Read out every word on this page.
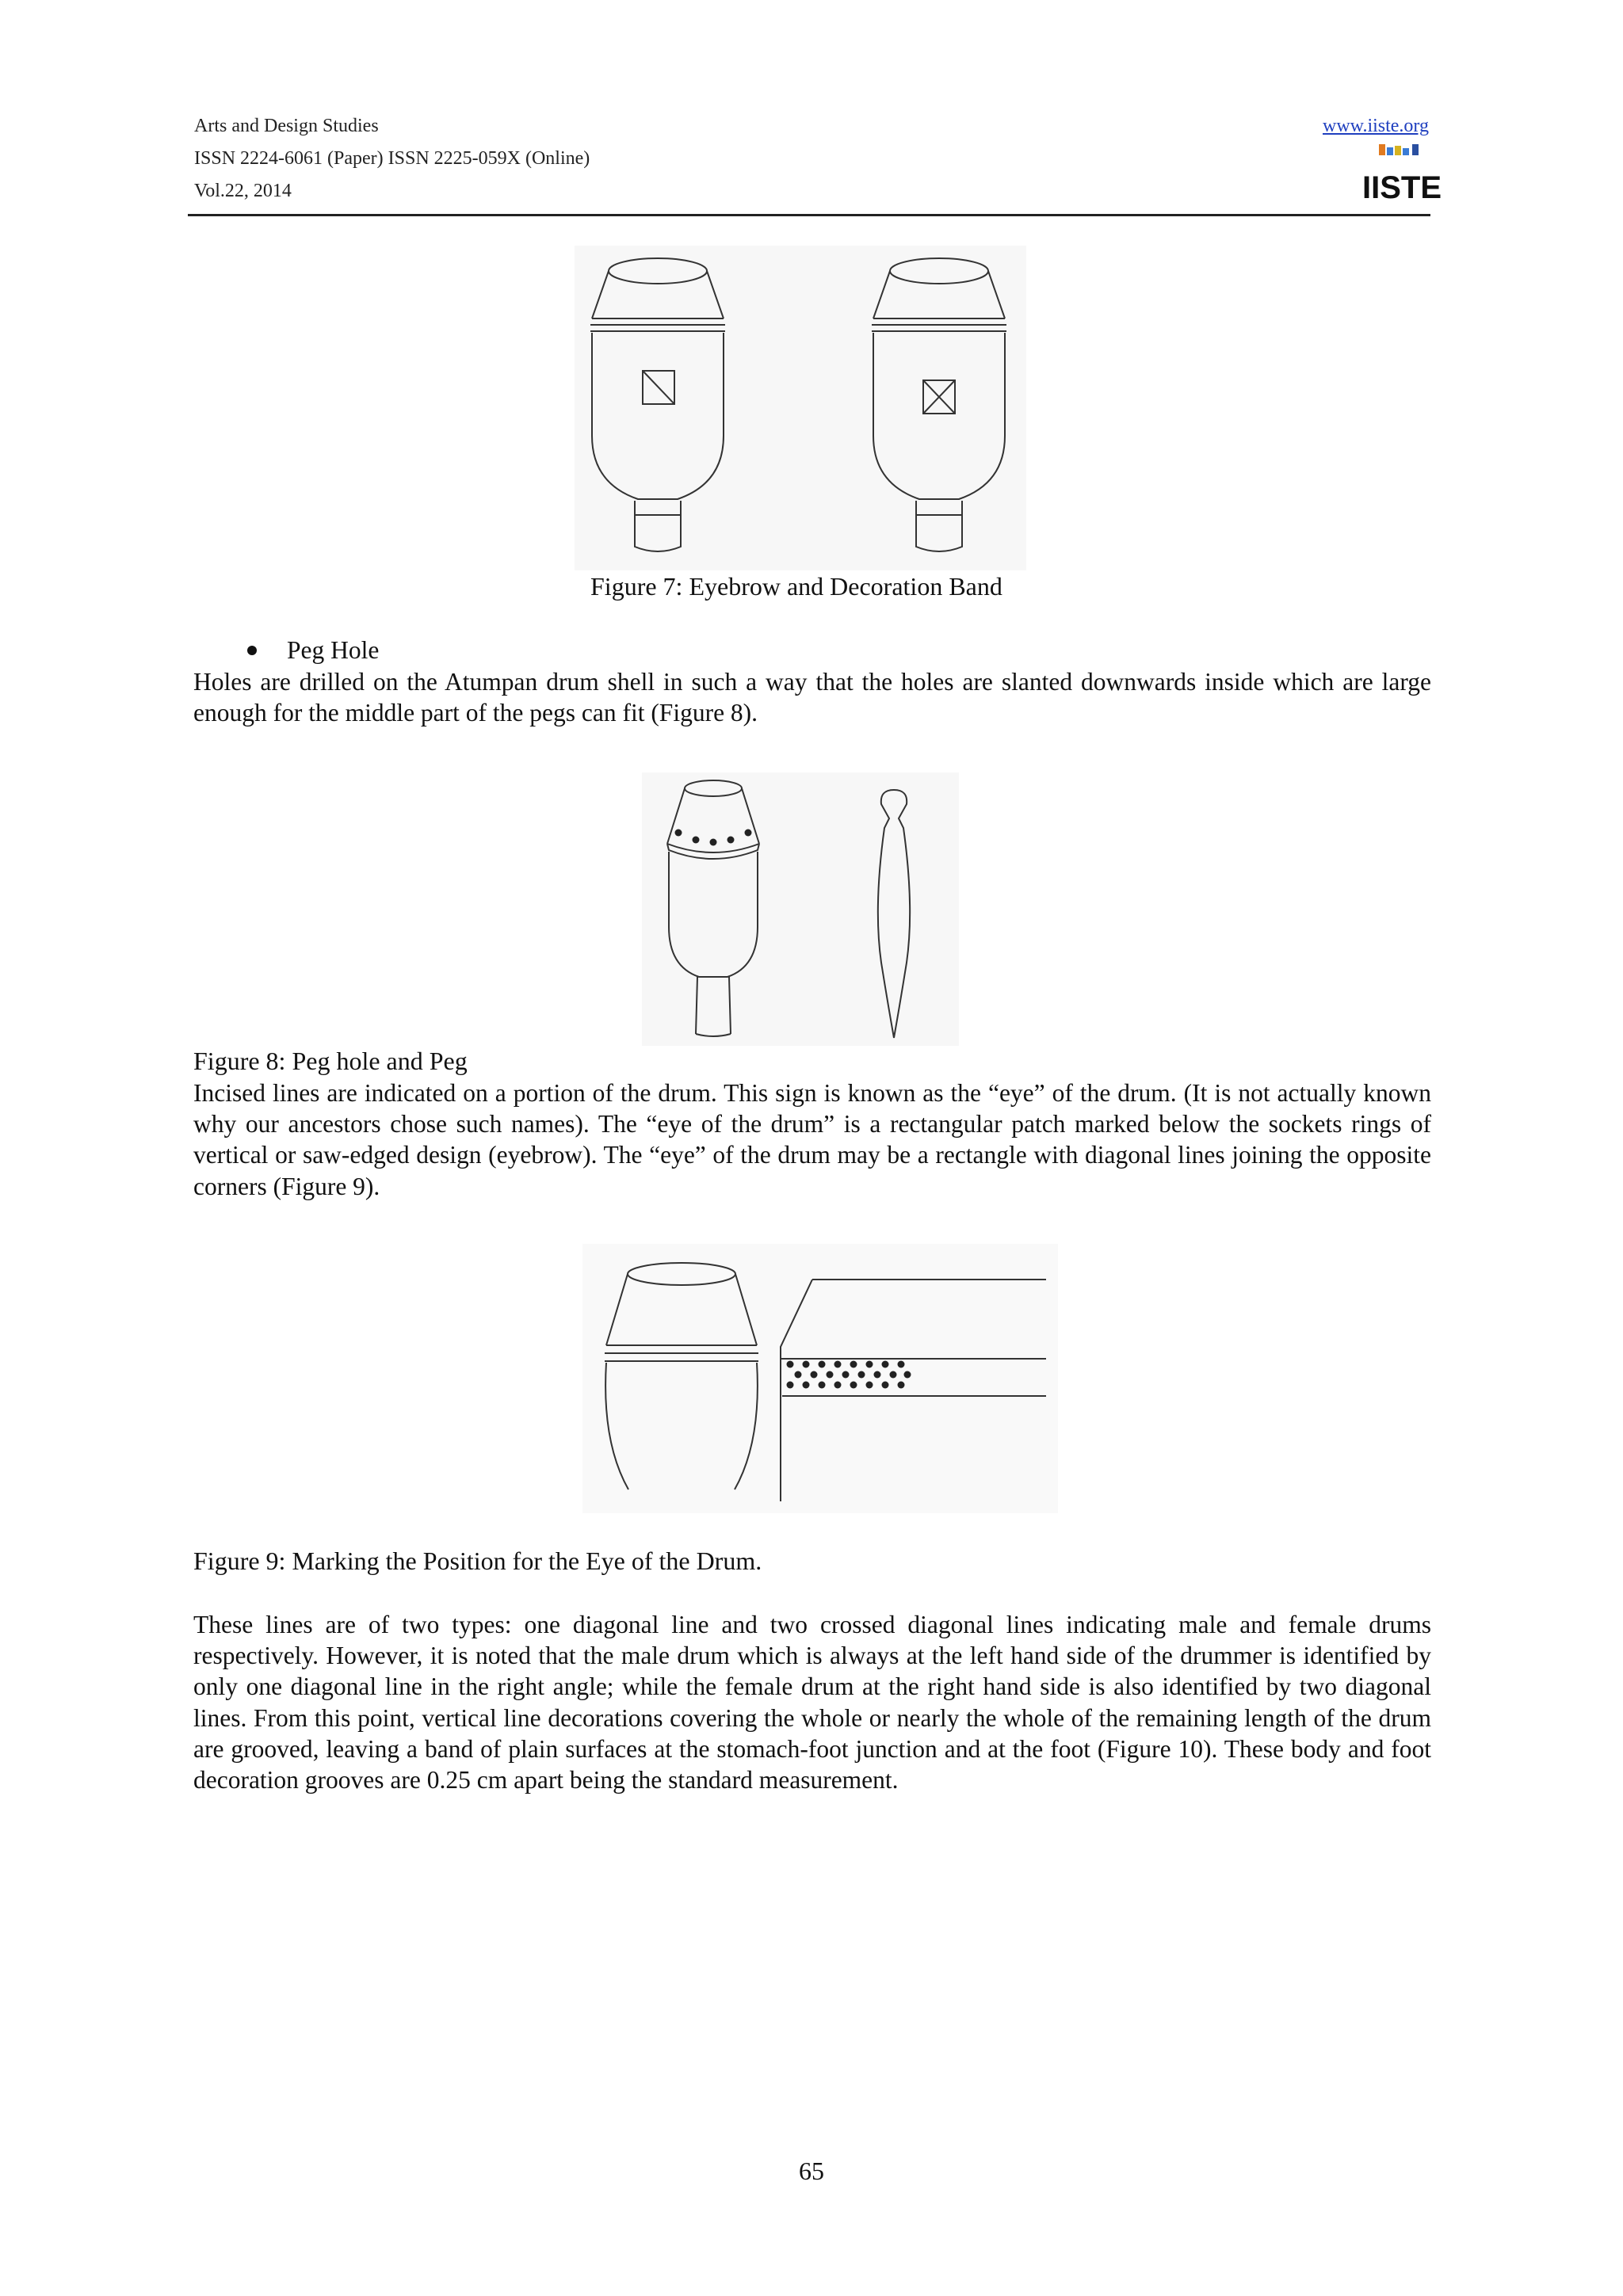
Arts and Design Studies
ISSN 2224-6061 (Paper) ISSN 2225-059X (Online)
Vol.22, 2014
www.iiste.org
IISTE
Figure 7: Eyebrow and Decoration Band
Peg Hole
Holes are drilled on the Atumpan drum shell in such a way that the holes are slanted downwards inside which are large enough for the middle part of the pegs can fit (Figure 8).
Figure 8: Peg hole and Peg
Incised lines are indicated on a portion of the drum. This sign is known as the “eye” of the drum. (It is not actually known why our ancestors chose such names). The “eye of the drum” is a rectangular patch marked below the sockets rings of vertical or saw-edged design (eyebrow). The “eye” of the drum may be a rectangle with diagonal lines joining the opposite corners (Figure 9).
Figure 9: Marking the Position for the Eye of the Drum.
These lines are of two types: one diagonal line and two crossed diagonal lines indicating male and female drums respectively. However, it is noted that the male drum which is always at the left hand side of the drummer is identified by only one diagonal line in the right angle; while the female drum at the right hand side is also identified by two diagonal lines. From this point, vertical line decorations covering the whole or nearly the whole of the remaining length of the drum are grooved, leaving a band of plain surfaces at the stomach-foot junction and at the foot (Figure 10). These body and foot decoration grooves are 0.25 cm apart being the standard measurement.
65
